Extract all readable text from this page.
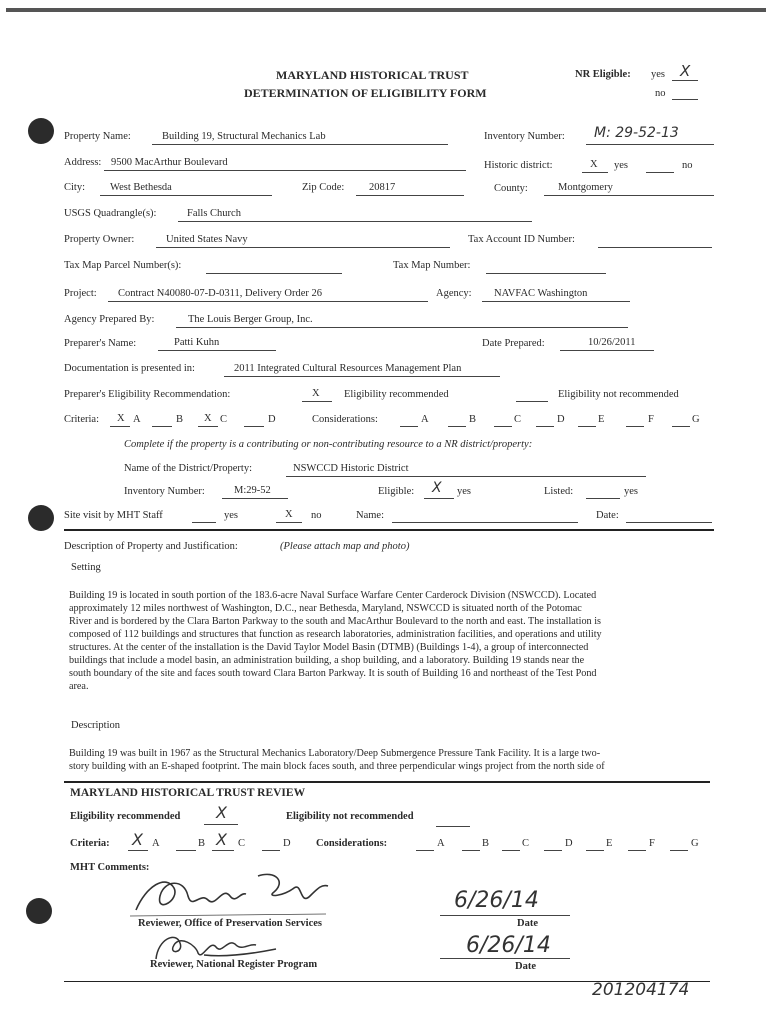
MARYLAND HISTORICAL TRUST
DETERMINATION OF ELIGIBILITY FORM
NR Eligible: yes X
no
Property Name:	Building 19, Structural Mechanics Lab	Inventory Number: M: 29-52-13
Address: 9500 MacArthur Boulevard	Historic district:	X yes	no
City: West Bethesda	Zip Code: 20817	County:	Montgomery
USGS Quadrangle(s):	Falls Church
Property Owner:	United States Navy	Tax Account ID Number:
Tax Map Parcel Number(s):	Tax Map Number:
Project: Contract N40080-07-D-0311, Delivery Order 26	Agency: NAVFAC Washington
Agency Prepared By:	The Louis Berger Group, Inc.
Preparer's Name:	Patti Kuhn	Date Prepared:	10/26/2011
Documentation is presented in:	2011 Integrated Cultural Resources Management Plan
Preparer's Eligibility Recommendation:	X Eligibility recommended	Eligibility not recommended
Criteria: X A	B X C	D	Considerations:	A	B	C	D	E	F	G
Complete if the property is a contributing or non-contributing resource to a NR district/property:
Name of the District/Property:	NSWCCD Historic District
Inventory Number:	M:29-52	Eligible: X yes	Listed:	yes
Site visit by MHT Staff	yes	X no	Name:	Date:
Description of Property and Justification:	(Please attach map and photo)
Setting
Building 19 is located in south portion of the 183.6-acre Naval Surface Warfare Center Carderock Division (NSWCCD). Located
approximately 12 miles northwest of Washington, D.C., near Bethesda, Maryland, NSWCCD is situated north of the Potomac
River and is bordered by the Clara Barton Parkway to the south and MacArthur Boulevard to the north and east. The installation is
composed of 112 buildings and structures that function as research laboratories, administration facilities, and operations and utility
structures. At the center of the installation is the David Taylor Model Basin (DTMB) (Buildings 1-4), a group of interconnected
buildings that include a model basin, an administration building, a shop building, and a laboratory. Building 19 stands near the
south boundary of the site and faces south toward Clara Barton Parkway. It is south of Building 16 and northeast of the Test Pond
area.
Description
Building 19 was built in 1967 as the Structural Mechanics Laboratory/Deep Submergence Pressure Tank Facility. It is a large two-
story building with an E-shaped footprint. The main block faces south, and three perpendicular wings project from the north side of
MARYLAND HISTORICAL TRUST REVIEW
Eligibility recommended X	Eligibility not recommended
Criteria: X A	B X C	D Considerations:	A	B	C	D	E	F	G
MHT Comments:
Reviewer, Office of Preservation Services
6/26/14
Date
Reviewer, National Register Program
6/26/14
Date
201204174
